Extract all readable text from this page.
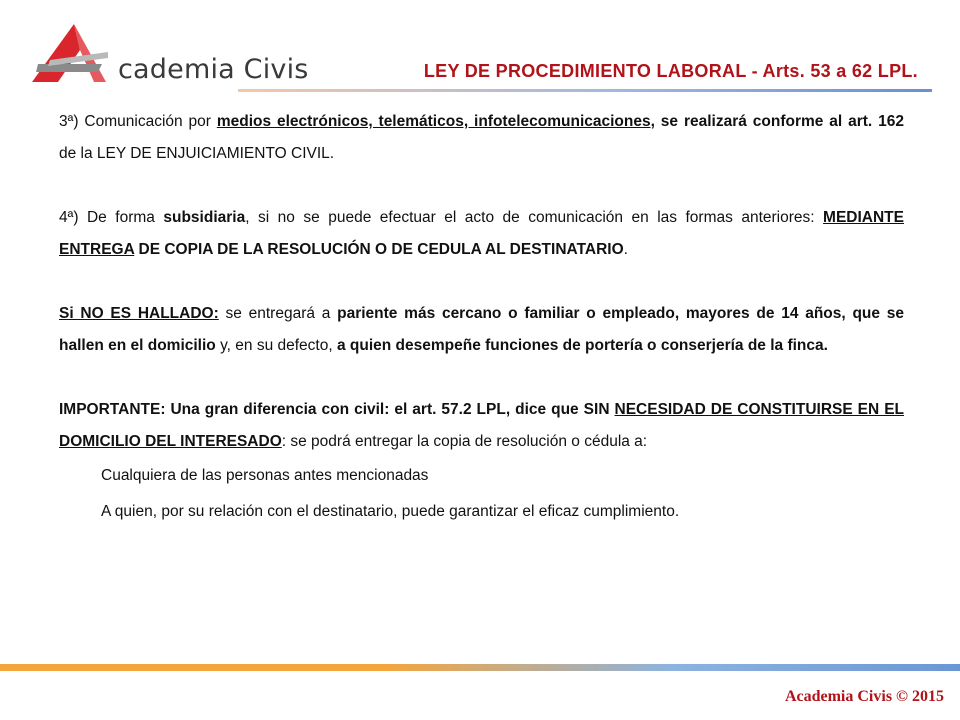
cademia Civis	LEY DE PROCEDIMIENTO LABORAL - Arts. 53 a 62 LPL.

3ª) Comunicación por medios electrónicos, telemáticos, infotelecomunicaciones, se realizará conforme al art. 162 de la LEY DE ENJUICIAMIENTO CIVIL.

4ª) De forma subsidiaria, si no se puede efectuar el acto de comunicación en las formas anteriores: MEDIANTE ENTREGA DE COPIA DE LA RESOLUCIÓN O DE CEDULA AL DESTINATARIO.

Si NO ES HALLADO: se entregará a pariente más cercano o familiar o empleado, mayores de 14 años, que se hallen en el domicilio y, en su defecto, a quien desempeñe funciones de portería o conserjería de la finca.

IMPORTANTE: Una gran diferencia con civil: el art. 57.2 LPL, dice que SIN NECESIDAD DE CONSTITUIRSE EN EL DOMICILIO DEL INTERESADO: se podrá entregar la copia de resolución o cédula a:

Cualquiera de las personas antes mencionadas

A quien, por su relación con el destinatario, puede garantizar el eficaz cumplimiento.

Academia Civis © 2015
